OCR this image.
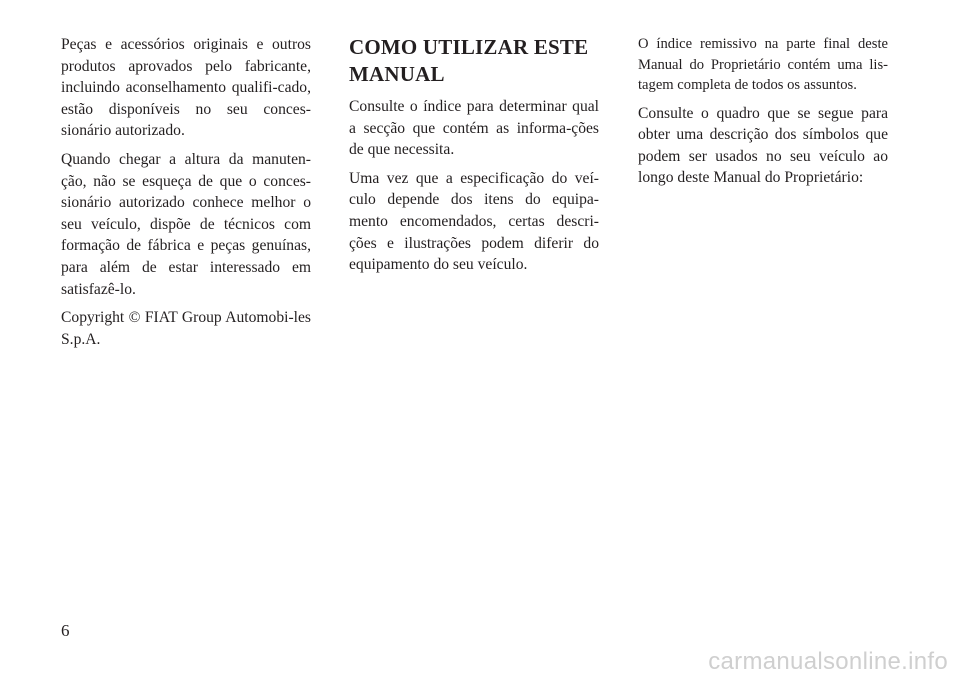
Peças e acessórios originais e outros produtos aprovados pelo fabricante, incluindo aconselhamento qualifi-cado, estão disponíveis no seu conces-sionário autorizado.

Quando chegar a altura da manuten-ção, não se esqueça de que o conces-sionário autorizado conhece melhor o seu veículo, dispõe de técnicos com formação de fábrica e peças genuínas, para além de estar interessado em satisfazê-lo.

Copyright © FIAT Group Automobi-les S.p.A.

COMO UTILIZAR ESTE MANUAL

Consulte o índice para determinar qual a secção que contém as informa-ções de que necessita.

Uma vez que a especificação do veí-culo depende dos itens do equipa-mento encomendados, certas descri-ções e ilustrações podem diferir do equipamento do seu veículo.

O índice remissivo na parte final deste Manual do Proprietário contém uma lis-tagem completa de todos os assuntos.

Consulte o quadro que se segue para obter uma descrição dos símbolos que podem ser usados no seu veículo ao longo deste Manual do Proprietário:

6
carmanualsonline.info
